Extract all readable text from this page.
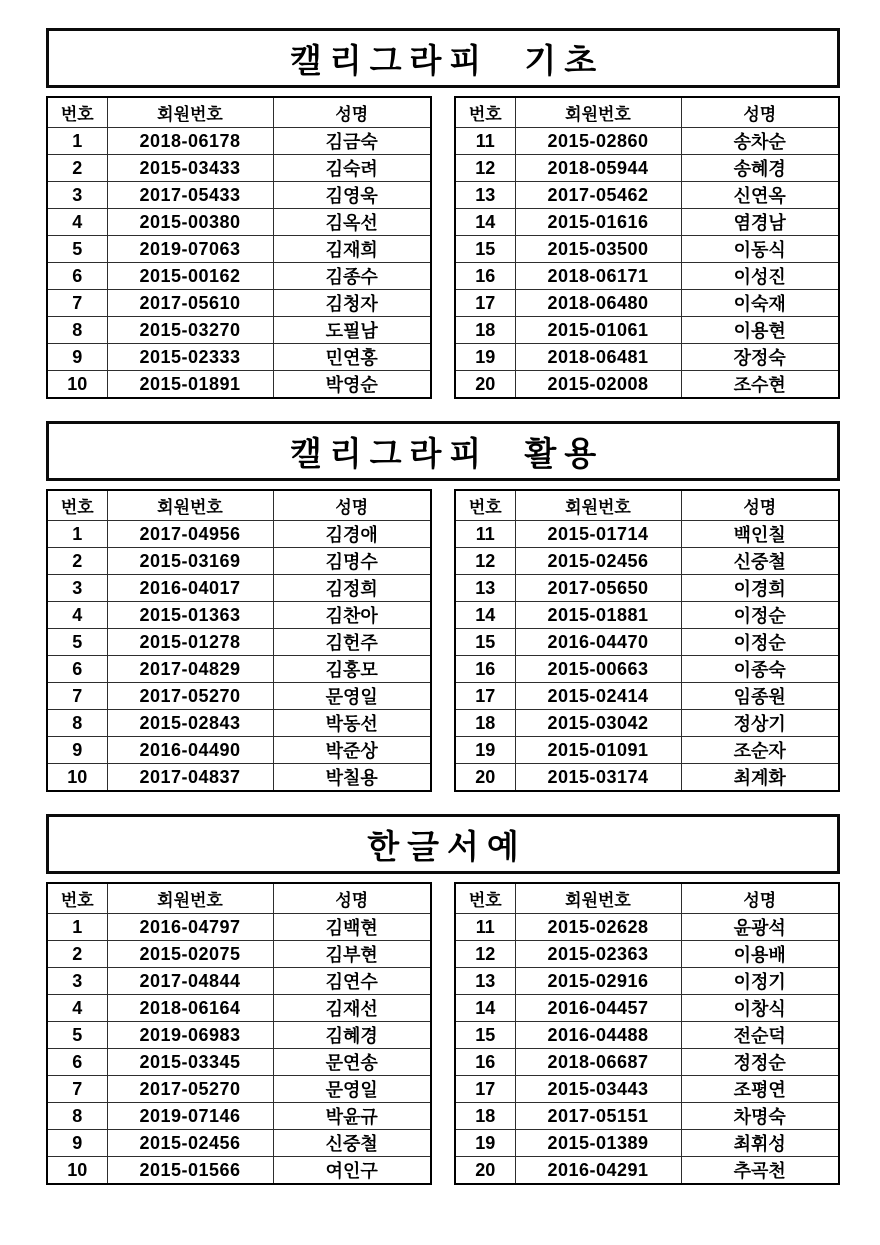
캘리그라피 기초
번호	회원번호	성명
1	2018-06178	김금숙
2	2015-03433	김숙려
3	2017-05433	김영욱
4	2015-00380	김옥선
5	2019-07063	김재희
6	2015-00162	김종수
7	2017-05610	김청자
8	2015-03270	도필남
9	2015-02333	민연홍
10	2015-01891	박영순
번호	회원번호	성명
11	2015-02860	송차순
12	2018-05944	송혜경
13	2017-05462	신연옥
14	2015-01616	염경남
15	2015-03500	이동식
16	2018-06171	이성진
17	2018-06480	이숙재
18	2015-01061	이용현
19	2018-06481	장정숙
20	2015-02008	조수현
캘리그라피 활용
번호	회원번호	성명
1	2017-04956	김경애
2	2015-03169	김명수
3	2016-04017	김정희
4	2015-01363	김찬아
5	2015-01278	김헌주
6	2017-04829	김홍모
7	2017-05270	문영일
8	2015-02843	박동선
9	2016-04490	박준상
10	2017-04837	박칠용
번호	회원번호	성명
11	2015-01714	백인칠
12	2015-02456	신중철
13	2017-05650	이경희
14	2015-01881	이정순
15	2016-04470	이정순
16	2015-00663	이종숙
17	2015-02414	임종원
18	2015-03042	정상기
19	2015-01091	조순자
20	2015-03174	최계화
한글서예
번호	회원번호	성명
1	2016-04797	김백현
2	2015-02075	김부현
3	2017-04844	김연수
4	2018-06164	김재선
5	2019-06983	김혜경
6	2015-03345	문연송
7	2017-05270	문영일
8	2019-07146	박윤규
9	2015-02456	신중철
10	2015-01566	여인구
번호	회원번호	성명
11	2015-02628	윤광석
12	2015-02363	이용배
13	2015-02916	이정기
14	2016-04457	이창식
15	2016-04488	전순덕
16	2018-06687	정정순
17	2015-03443	조평연
18	2017-05151	차명숙
19	2015-01389	최휘성
20	2016-04291	추곡천
